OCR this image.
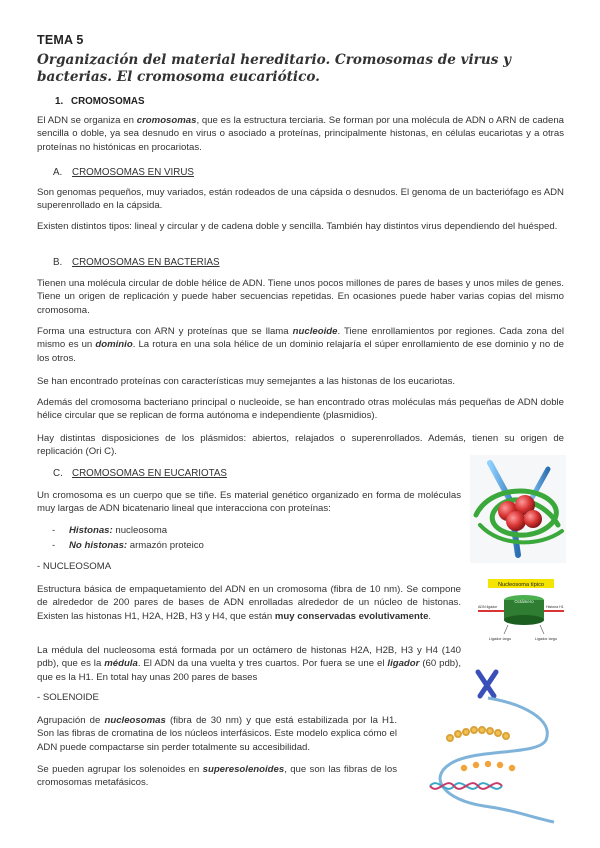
TEMA 5
Organización del material hereditario. Cromosomas de virus y bacterias. El cromosoma eucariótico.
1. CROMOSOMAS
El ADN se organiza en cromosomas, que es la estructura terciaria. Se forman por una molécula de ADN o ARN de cadena sencilla o doble, ya sea desnudo en virus o asociado a proteínas, principalmente histonas, en células eucariotas y a otras proteínas no histónicas en procariotas.
A. CROMOSOMAS EN VIRUS
Son genomas pequeños, muy variados, están rodeados de una cápsida o desnudos. El genoma de un bacteriófago es ADN superenrollado en la cápsida.
Existen distintos tipos: lineal y circular y de cadena doble y sencilla. También hay distintos virus dependiendo del huésped.
B. CROMOSOMAS EN BACTERIAS
Tienen una molécula circular de doble hélice de ADN. Tiene unos pocos millones de pares de bases y unos miles de genes. Tiene un origen de replicación y puede haber secuencias repetidas. En ocasiones puede haber varias copias del mismo cromosoma.
Forma una estructura con ARN y proteínas que se llama nucleoide. Tiene enrollamientos por regiones. Cada zona del mismo es un dominio. La rotura en una sola hélice de un dominio relajaría el súper enrollamiento de ese dominio y no de los otros.
Se han encontrado proteínas con características muy semejantes a las histonas de los eucariotas.
Además del cromosoma bacteriano principal o nucleoide, se han encontrado otras moléculas más pequeñas de ADN doble hélice circular que se replican de forma autónoma e independiente (plasmidios).
Hay distintas disposiciones de los plásmidos: abiertos, relajados o superenrollados. Además, tienen su origen de replicación (Ori C).
C. CROMOSOMAS EN EUCARIOTAS
Un cromosoma es un cuerpo que se tiñe. Es material genético organizado en forma de moléculas muy largas de ADN bicatenario lineal que interacciona con proteínas:
- Histonas: nucleosoma
- No histonas: armazón proteico
- NUCLEOSOMA
Estructura básica de empaquetamiento del ADN en un cromosoma (fibra de 10 nm). Se compone de alrededor de 200 pares de bases de ADN enrolladas alrededor de un núcleo de histonas. Existen las histonas H1, H2A, H2B, H3 y H4, que están muy conservadas evolutivamente.
La médula del nucleosoma está formada por un octámero de histonas H2A, H2B, H3 y H4 (140 pdb), que es la médula. El ADN da una vuelta y tres cuartos. Por fuera se une el ligador (60 pdb), que es la H1. En total hay unas 200 pares de bases
- SOLENOIDE
Agrupación de nucleosomas (fibra de 30 nm) y que está estabilizada por la H1. Son las fibras de cromatina de los núcleos interfásicos. Este modelo explica cómo el ADN puede compactarse sin perder totalmente su accesibilidad.
Se pueden agrupar los solenoides en superesolenoides, que son las fibras de los cromosomas metafásicos.
Nucleosoma típico
Octámero
ADN ligador	Histona H1
Ligador largo	Ligador largo
